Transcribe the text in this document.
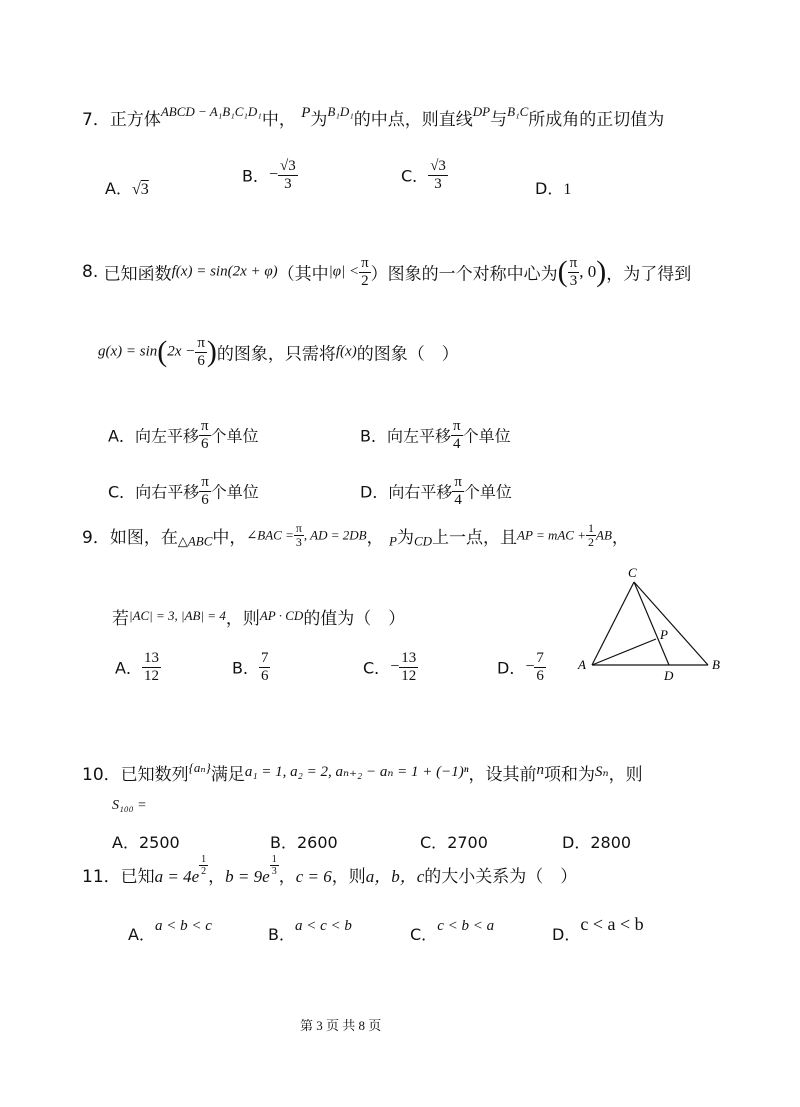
7．正方体$^{ABCD - A_1B_1C_1D_1}$中， P为$^{B_1D_1}$的中点，则直线$^{DP}$与$^{B_1C}$所成角的正切值为
A．√3
B．− $\frac{√3}{3}$	C． $\frac{√3}{3}$	D．1
8. 已知函数f(x) = sin(2x + φ)（其中$|\varphi| < \frac{\pi}{2}$ ）图象的一个对称中心为( $\frac{\pi}{3}$ , 0)，为了得到
$g(x) = \sin(2x - \frac{\pi}{6}$ )的图象，只需将f(x)的图象（　）
A．向左平移 $\frac{\pi}{6}$ 个单位	B．向左平移 $\frac{\pi}{4}$ 个单位
C．向右平移 $\frac{\pi}{6}$ 个单位	D．向右平移 $\frac{\pi}{4}$ 个单位
9．如图，在△ABC中，∠BAC = $\frac{\pi}{3}$ , AD = 2DB， P为CD上一点，且AP = mAC + $\frac{1}{2}$ AB，
若$^{|AC| = 3, |AB| = 4}$，则$^{AP \cdot CD}$的值为（　）
A． $\frac{13}{12}$	B． $\frac{7}{6}$	C．− $\frac{13}{12}$	D．− $\frac{7}{6}$ A	B
C
D
P
10．已知数列$^{\{a_n\}}$满足a₁ = 1, a₂ = 2, aₙ₊₂ − aₙ = 1 + (−1)ⁿ，设其前n项和为Sₙ，则
S₁₀₀ =
A．2500	B．2600	C．2700	D．2800
11．已知$a = 4e \frac{1}{2}$
，$b = 9e \frac{1}{3}$
，c = 6，则a，b，c的大小关系为（　）
A．a < b < c	B．a < c < b	C．c < b < a	D．c < a < b
第 3 页 共 8 页
